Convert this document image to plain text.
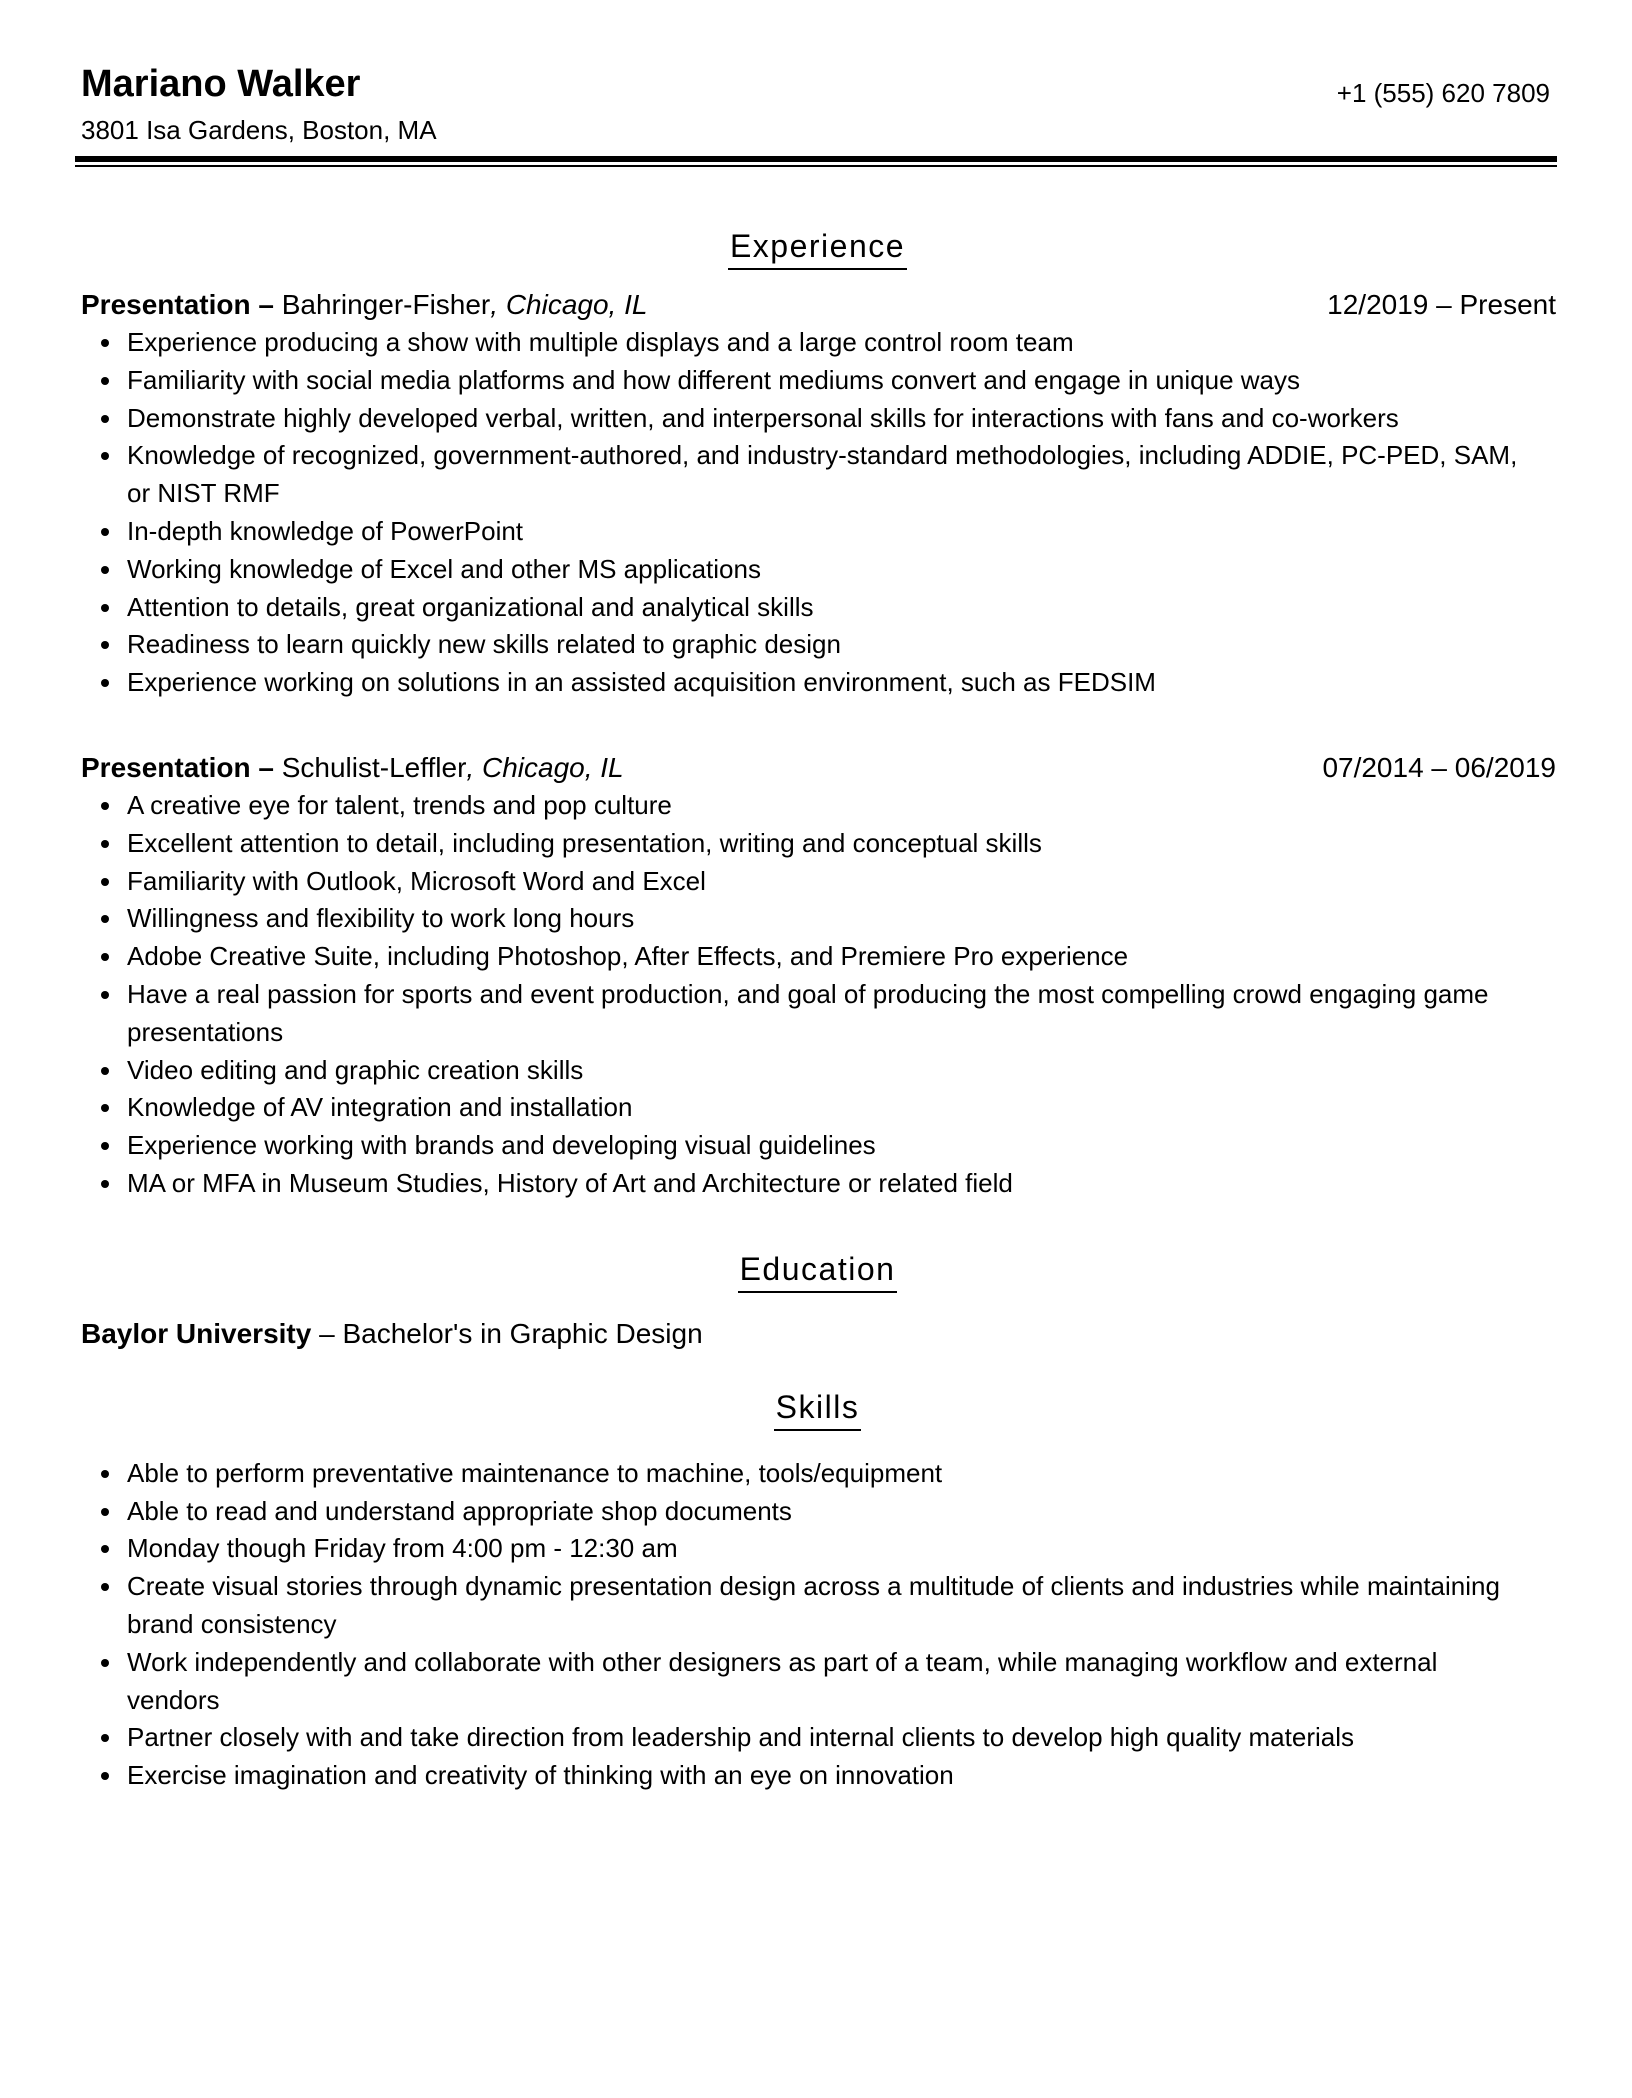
Mariano Walker
3801 Isa Gardens, Boston, MA
+1 (555) 620 7809
Experience
Presentation – Bahringer-Fisher, Chicago, IL	12/2019 – Present
Experience producing a show with multiple displays and a large control room team
Familiarity with social media platforms and how different mediums convert and engage in unique ways
Demonstrate highly developed verbal, written, and interpersonal skills for interactions with fans and co-workers
Knowledge of recognized, government-authored, and industry-standard methodologies, including ADDIE, PC-PED, SAM, or NIST RMF
In-depth knowledge of PowerPoint
Working knowledge of Excel and other MS applications
Attention to details, great organizational and analytical skills
Readiness to learn quickly new skills related to graphic design
Experience working on solutions in an assisted acquisition environment, such as FEDSIM
Presentation – Schulist-Leffler, Chicago, IL	07/2014 – 06/2019
A creative eye for talent, trends and pop culture
Excellent attention to detail, including presentation, writing and conceptual skills
Familiarity with Outlook, Microsoft Word and Excel
Willingness and flexibility to work long hours
Adobe Creative Suite, including Photoshop, After Effects, and Premiere Pro experience
Have a real passion for sports and event production, and goal of producing the most compelling crowd engaging game presentations
Video editing and graphic creation skills
Knowledge of AV integration and installation
Experience working with brands and developing visual guidelines
MA or MFA in Museum Studies, History of Art and Architecture or related field
Education
Baylor University – Bachelor's in Graphic Design
Skills
Able to perform preventative maintenance to machine, tools/equipment
Able to read and understand appropriate shop documents
Monday though Friday from 4:00 pm - 12:30 am
Create visual stories through dynamic presentation design across a multitude of clients and industries while maintaining brand consistency
Work independently and collaborate with other designers as part of a team, while managing workflow and external vendors
Partner closely with and take direction from leadership and internal clients to develop high quality materials
Exercise imagination and creativity of thinking with an eye on innovation
